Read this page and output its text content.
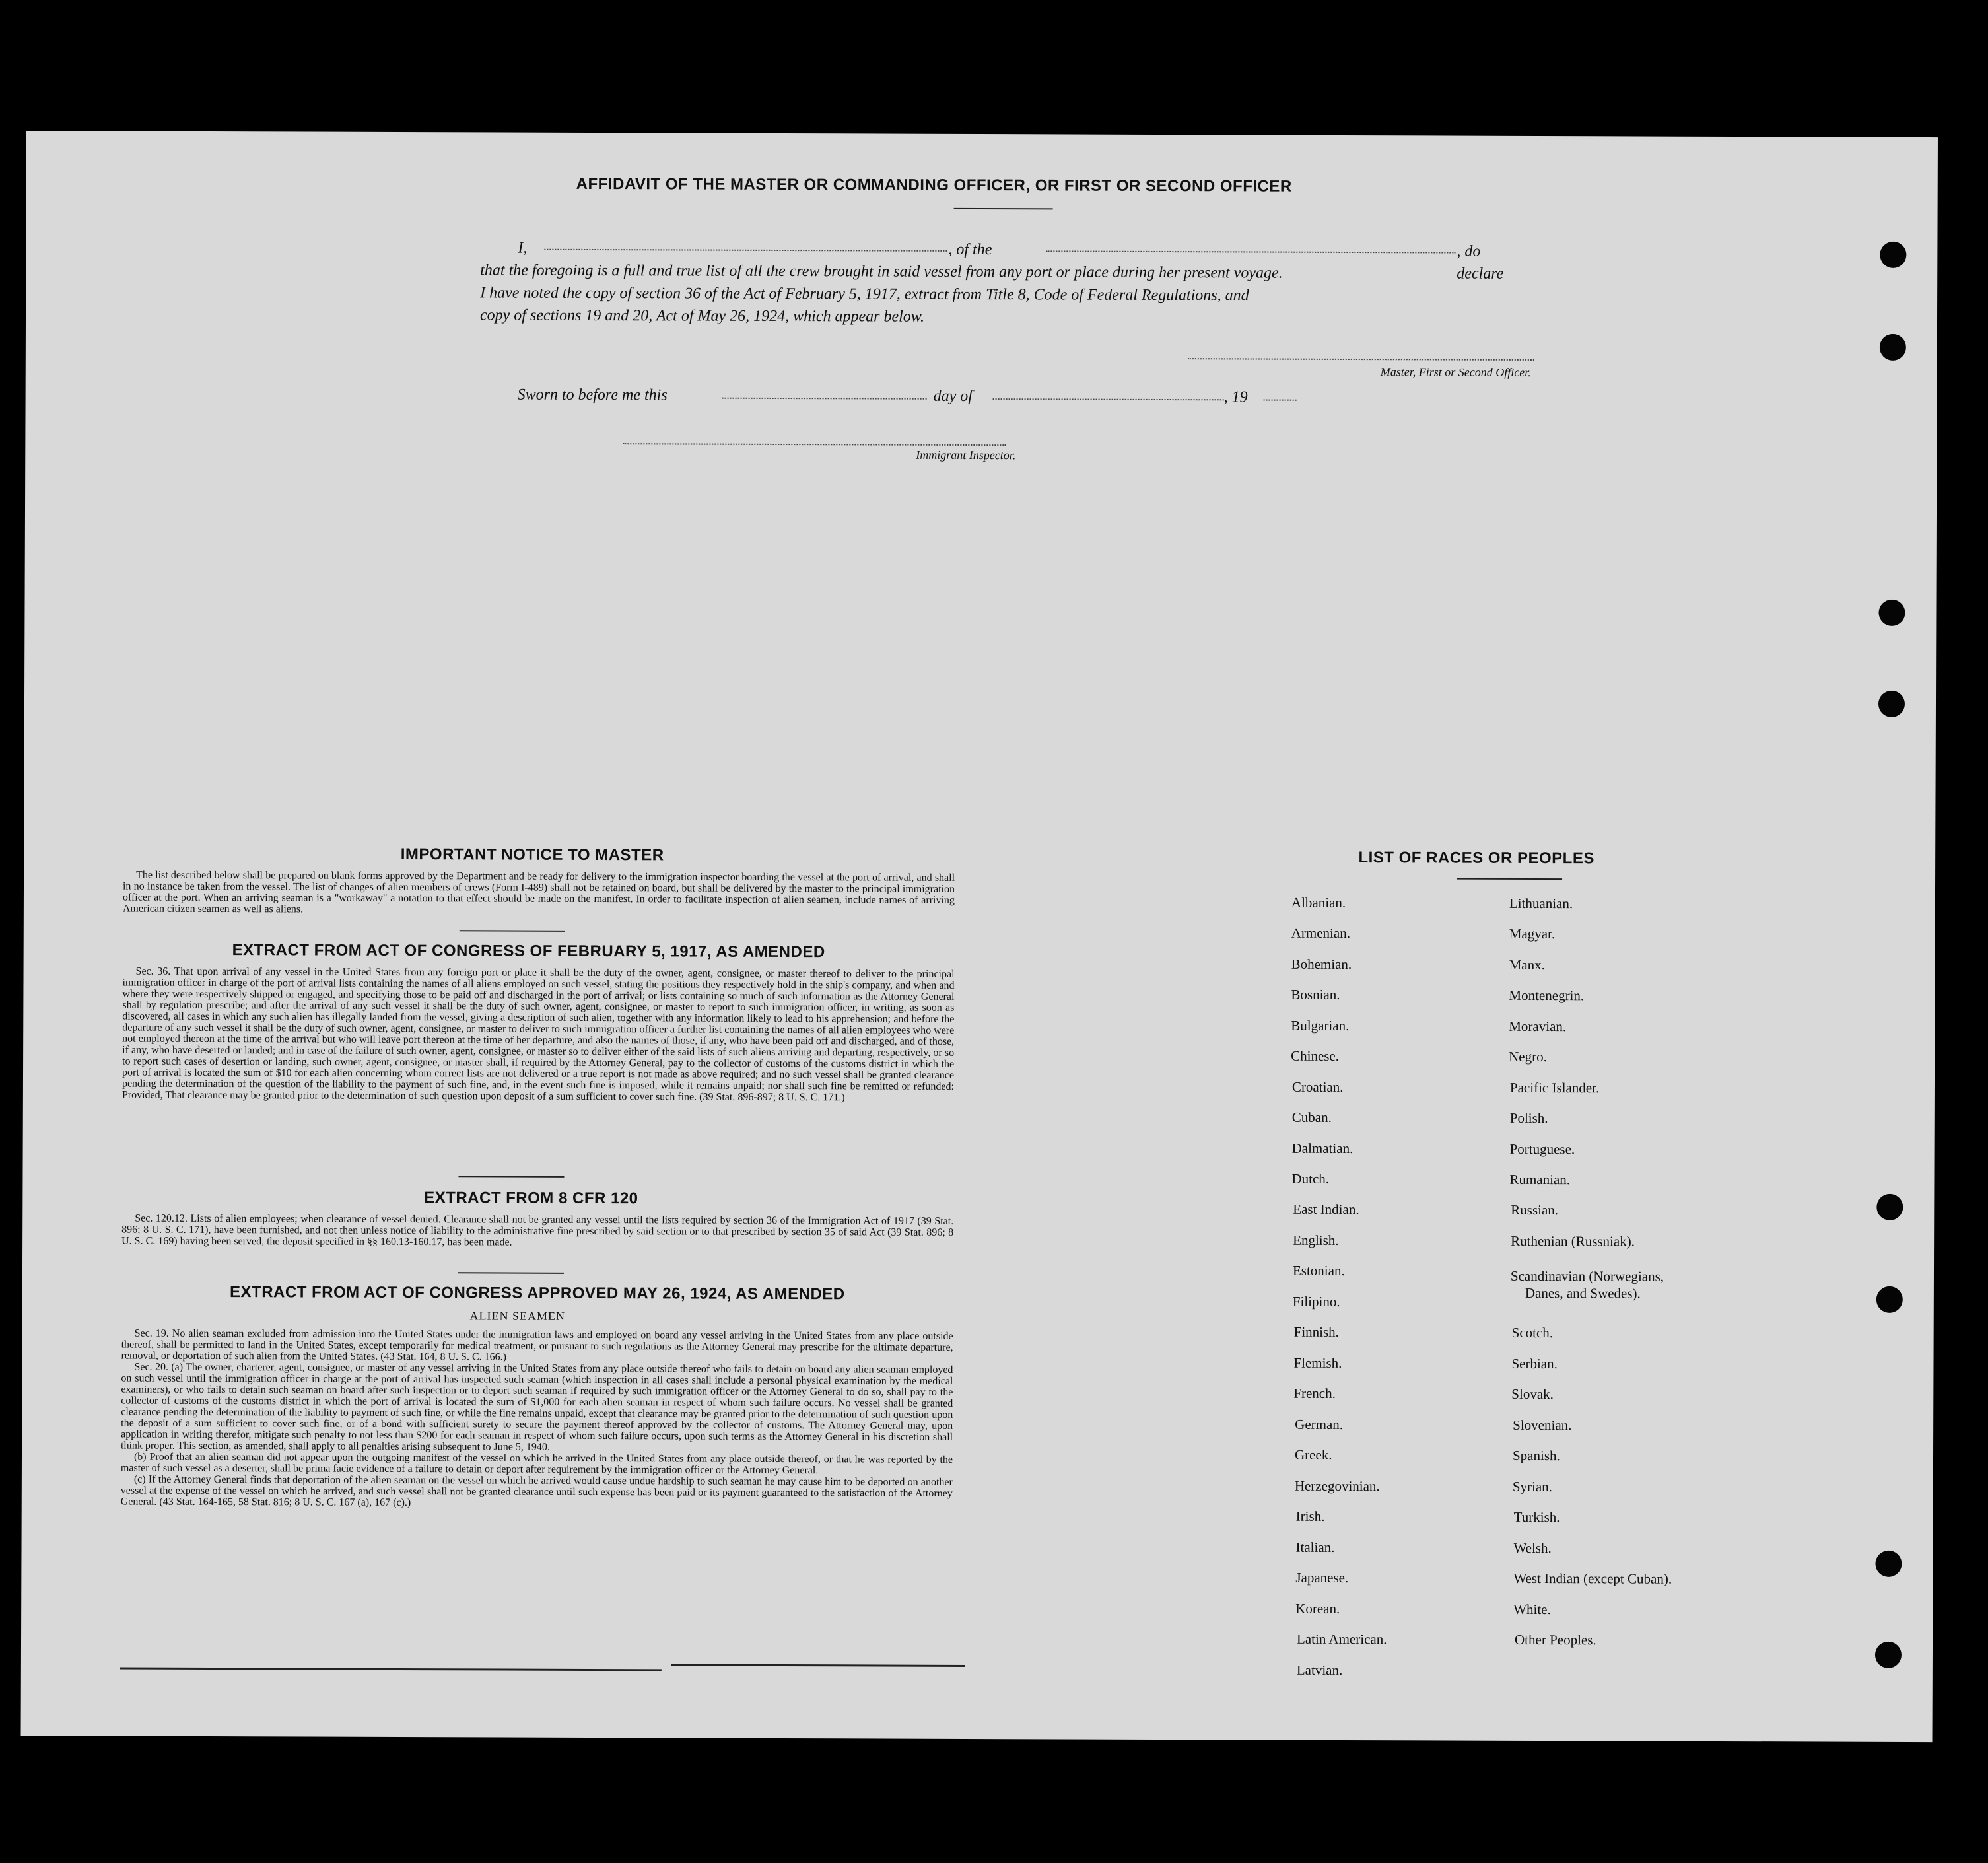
AFFIDAVIT OF THE MASTER OR COMMANDING OFFICER, OR FIRST OR SECOND OFFICER
I,	, of the	, do declare
that the foregoing is a full and true list of all the crew brought in said vessel from any port or place during her present voyage.
I have noted the copy of section 36 of the Act of February 5, 1917, extract from Title 8, Code of Federal Regulations, and
copy of sections 19 and 20, Act of May 26, 1924, which appear below.
Master, First or Second Officer.
Sworn to before me this	day of	, 19
Immigrant Inspector.
IMPORTANT NOTICE TO MASTER
The list described below shall be prepared on blank forms approved by the Department and be ready for delivery to the immigration inspector boarding the vessel at the port of arrival, and shall in no instance be taken from the vessel. The list of changes of alien members of crews (Form I-489) shall not be retained on board, but shall be delivered by the master to the principal immigration officer at the port. When an arriving seaman is a "workaway" a notation to that effect should be made on the manifest. In order to facilitate inspection of alien seamen, include names of arriving American citizen seamen as well as aliens.
EXTRACT FROM ACT OF CONGRESS OF FEBRUARY 5, 1917, AS AMENDED
Sec. 36. That upon arrival of any vessel in the United States from any foreign port or place it shall be the duty of the owner, agent, consignee, or master thereof to deliver to the principal immigration officer in charge of the port of arrival lists containing the names of all aliens employed on such vessel, stating the positions they respectively hold in the ship's company, and when and where they were respectively shipped or engaged, and specifying those to be paid off and discharged in the port of arrival; or lists containing so much of such information as the Attorney General shall by regulation prescribe; and after the arrival of any such vessel it shall be the duty of such owner, agent, consignee, or master to report to such immigration officer, in writing, as soon as discovered, all cases in which any such alien has illegally landed from the vessel, giving a description of such alien, together with any information likely to lead to his apprehension; and before the departure of any such vessel it shall be the duty of such owner, agent, consignee, or master to deliver to such immigration officer a further list containing the names of all alien employees who were not employed thereon at the time of the arrival but who will leave port thereon at the time of her departure, and also the names of those, if any, who have been paid off and discharged, and of those, if any, who have deserted or landed; and in case of the failure of such owner, agent, consignee, or master so to deliver either of the said lists of such aliens arriving and departing, respectively, or so to report such cases of desertion or landing, such owner, agent, consignee, or master shall, if required by the Attorney General, pay to the collector of customs of the customs district in which the port of arrival is located the sum of $10 for each alien concerning whom correct lists are not delivered or a true report is not made as above required; and no such vessel shall be granted clearance pending the determination of the question of the liability to the payment of such fine, and, in the event such fine is imposed, while it remains unpaid; nor shall such fine be remitted or refunded: Provided, That clearance may be granted prior to the determination of such question upon deposit of a sum sufficient to cover such fine. (39 Stat. 896-897; 8 U. S. C. 171.)
EXTRACT FROM 8 CFR 120
Sec. 120.12. Lists of alien employees; when clearance of vessel denied. Clearance shall not be granted any vessel until the lists required by section 36 of the Immigration Act of 1917 (39 Stat. 896; 8 U. S. C. 171), have been furnished, and not then unless notice of liability to the administrative fine prescribed by said section or to that prescribed by section 35 of said Act (39 Stat. 896; 8 U. S. C. 169) having been served, the deposit specified in §§ 160.13-160.17, has been made.
EXTRACT FROM ACT OF CONGRESS APPROVED MAY 26, 1924, AS AMENDED
ALIEN SEAMEN

Sec. 19. No alien seaman excluded from admission into the United States under the immigration laws and employed on board any vessel arriving in the United States from any place outside thereof, shall be permitted to land in the United States, except temporarily for medical treatment, or pursuant to such regulations as the Attorney General may prescribe for the ultimate departure, removal, or deportation of such alien from the United States. (43 Stat. 164, 8 U. S. C. 166.)

Sec. 20. (a) The owner, charterer, agent, consignee, or master of any vessel arriving in the United States from any place outside thereof who fails to detain on board any alien seaman employed on such vessel until the immigration officer in charge at the port of arrival has inspected such seaman (which inspection in all cases shall include a personal physical examination by the medical examiners), or who fails to detain such seaman on board after such inspection or to deport such seaman if required by such immigration officer or the Attorney General to do so, shall pay to the collector of customs of the customs district in which the port of arrival is located the sum of $1,000 for each alien seaman in respect of whom such failure occurs. No vessel shall be granted clearance pending the determination of the liability to payment of such fine, or while the fine remains unpaid, except that clearance may be granted prior to the determination of such question upon the deposit of a sum sufficient to cover such fine, or of a bond with sufficient surety to secure the payment thereof approved by the collector of customs. The Attorney General may, upon application in writing therefor, mitigate such penalty to not less than $200 for each seaman in respect of whom such failure occurs, upon such terms as the Attorney General in his discretion shall think proper. This section, as amended, shall apply to all penalties arising subsequent to June 5, 1940.

(b) Proof that an alien seaman did not appear upon the outgoing manifest of the vessel on which he arrived in the United States from any place outside thereof, or that he was reported by the master of such vessel as a deserter, shall be prima facie evidence of a failure to detain or deport after requirement by the immigration officer or the Attorney General.

(c) If the Attorney General finds that deportation of the alien seaman on the vessel on which he arrived would cause undue hardship to such seaman he may cause him to be deported on another vessel at the expense of the vessel on which he arrived, and such vessel shall not be granted clearance until such expense has been paid or its payment guaranteed to the satisfaction of the Attorney General. (43 Stat. 164-165, 58 Stat. 816; 8 U. S. C. 167 (a), 167 (c).)

LIST OF RACES OR PEOPLES
Albanian.
Armenian.
Bohemian.
Bosnian.
Bulgarian.
Chinese.
Croatian.
Cuban.
Dalmatian.
Dutch.
East Indian.
English.
Estonian.
Filipino.
Finnish.
Flemish.
French.
German.
Greek.
Herzegovinian.
Irish.
Italian.
Japanese.
Korean.
Latin American.
Latvian.
Lithuanian.
Magyar.
Manx.
Montenegrin.
Moravian.
Negro.
Pacific Islander.
Polish.
Portuguese.
Rumanian.
Russian.
Ruthenian (Russniak).
Scandinavian (Norwegians,
Danes, and Swedes).
Scotch.
Serbian.
Slovak.
Slovenian.
Spanish.
Syrian.
Turkish.
Welsh.
West Indian (except Cuban).
White.
Other Peoples.
